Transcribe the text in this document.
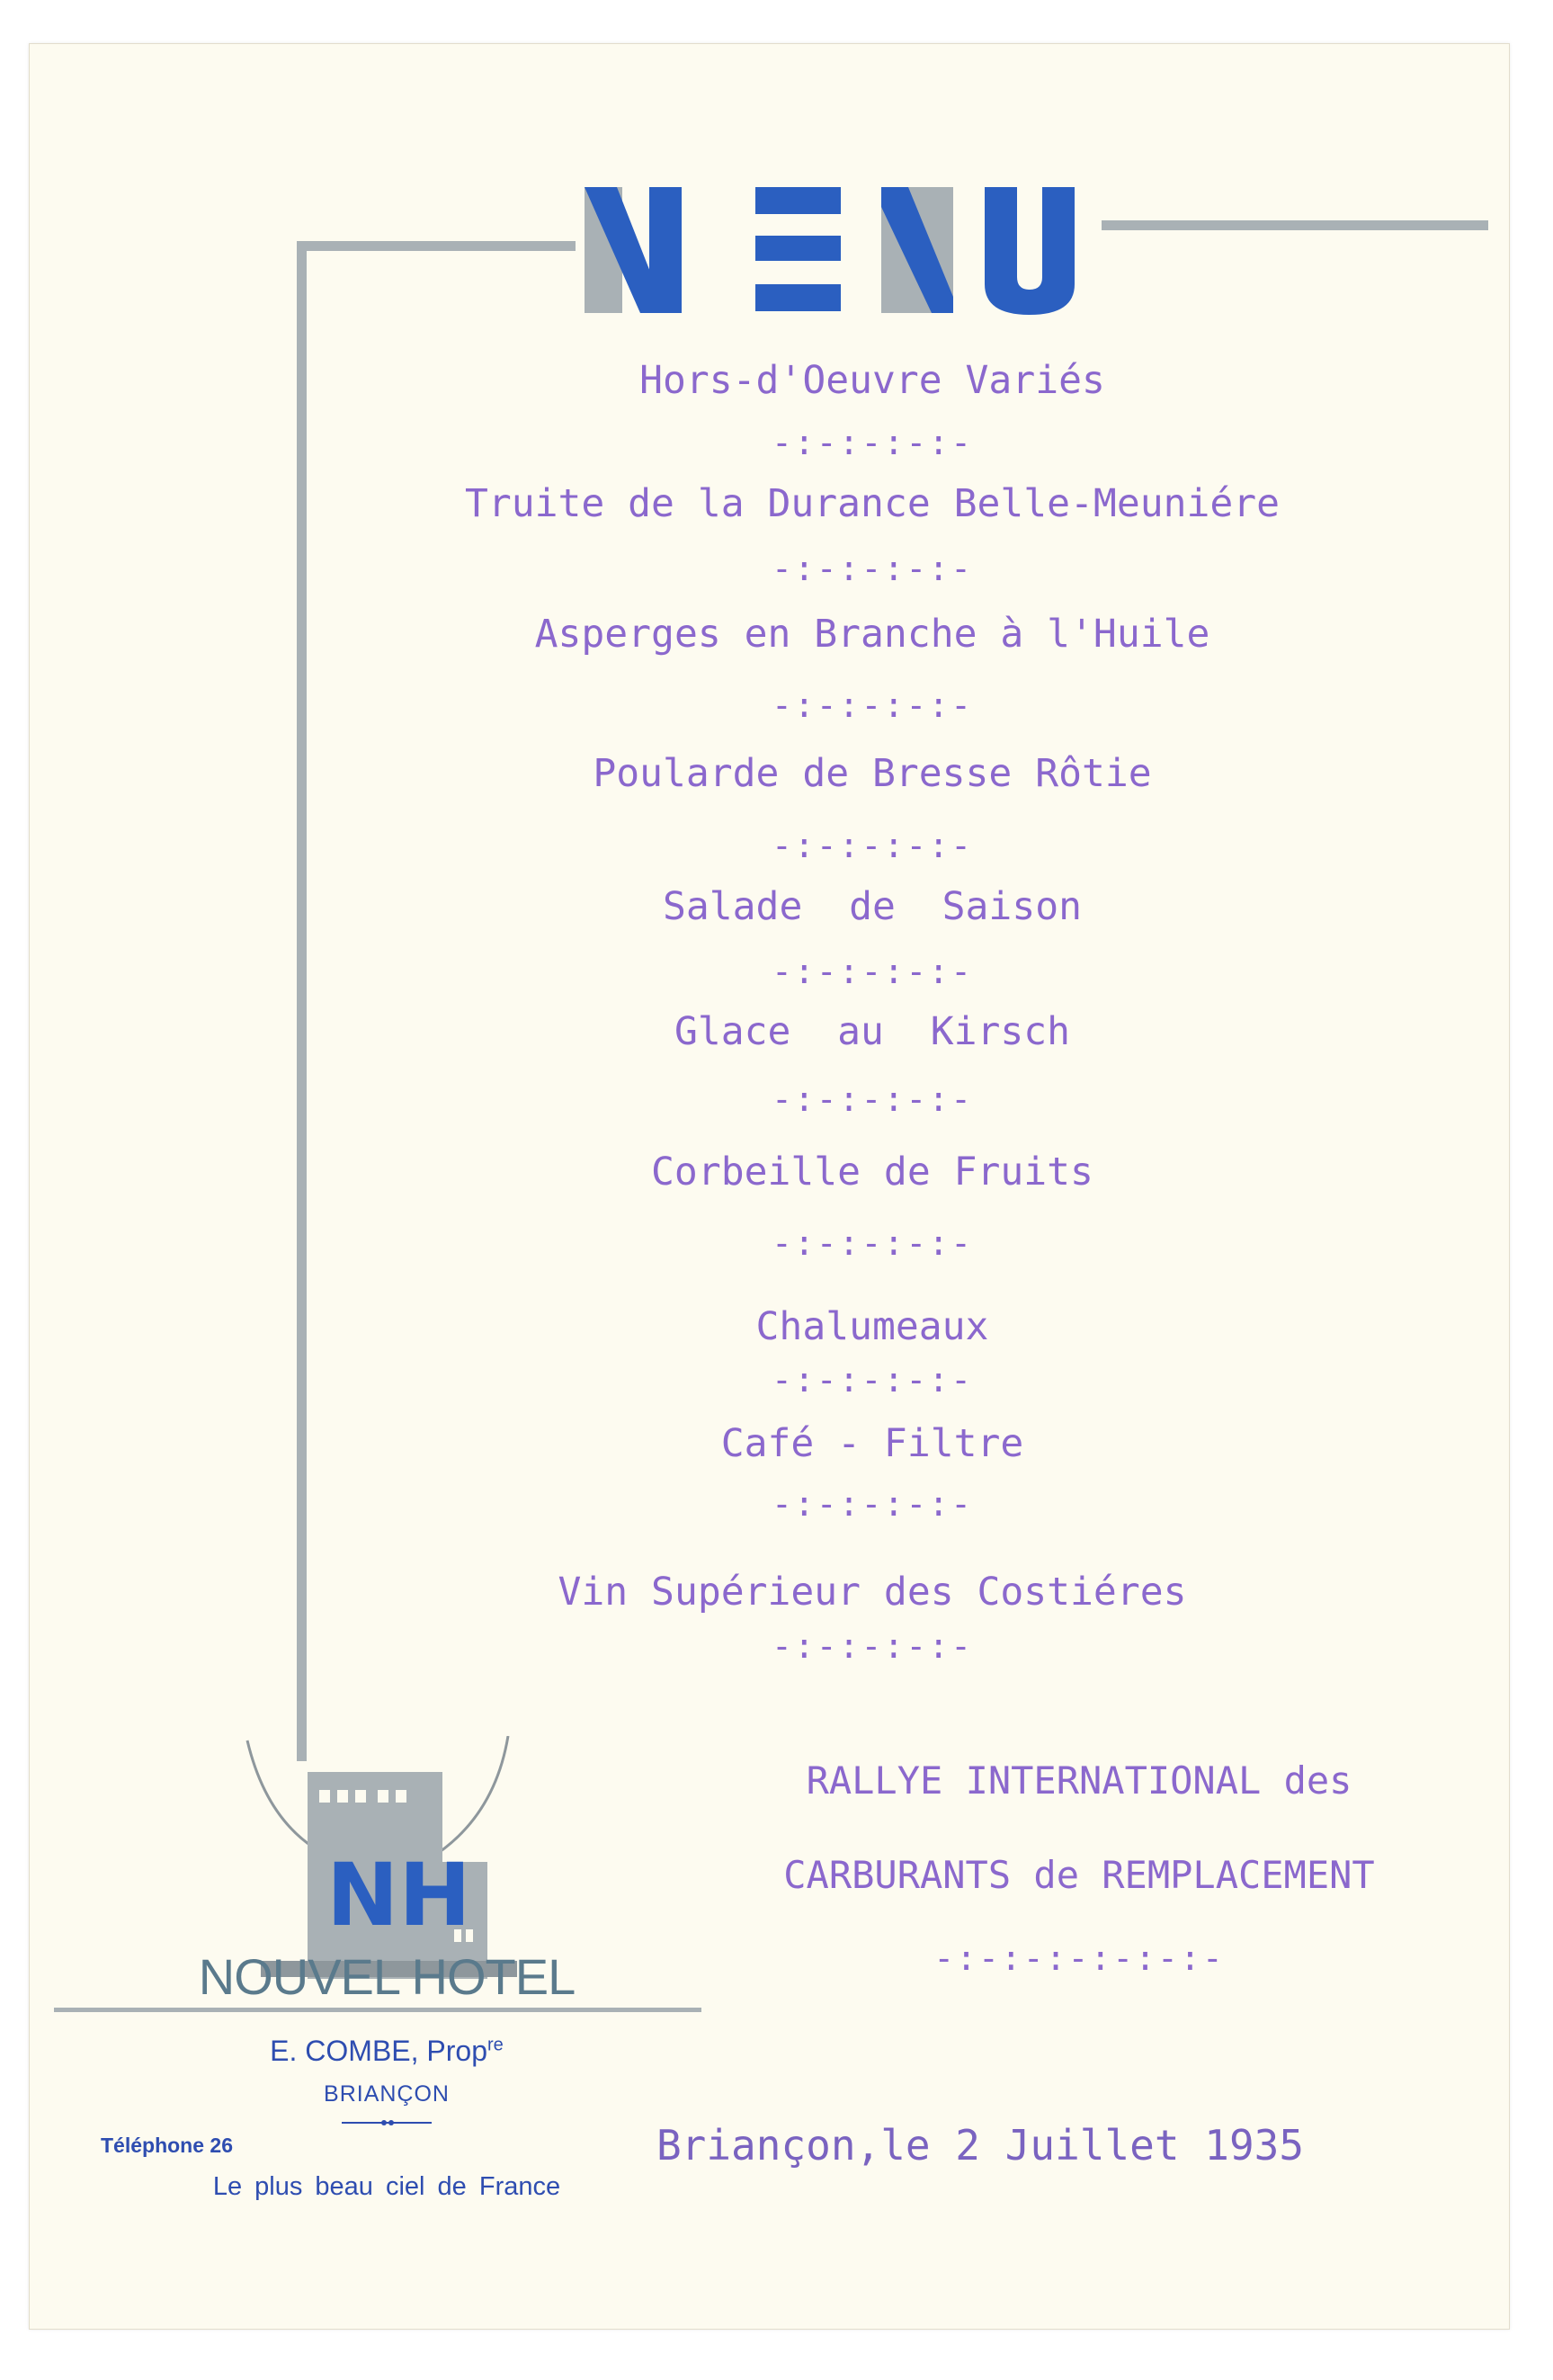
Hors-d'Oeuvre Variés
-:-:-:-:-
Truite de la Durance Belle-Meuniére
-:-:-:-:-
Asperges en Branche à l'Huile
-:-:-:-:-
Poularde de Bresse Rôtie
-:-:-:-:-
Salade  de  Saison
-:-:-:-:-
Glace  au  Kirsch
-:-:-:-:-
Corbeille de Fruits
-:-:-:-:-
Chalumeaux
-:-:-:-:-
Café - Filtre
-:-:-:-:-
Vin Supérieur des Costiéres
-:-:-:-:-
RALLYE INTERNATIONAL des
CARBURANTS de REMPLACEMENT
-:-:-:-:-:-:-
Briançon,le 2 Juillet 1935
NH
NOUVEL HOTEL
E. COMBE, Prop$^{re}$
BRIANÇON
Téléphone 26
Le plus beau ciel de France
